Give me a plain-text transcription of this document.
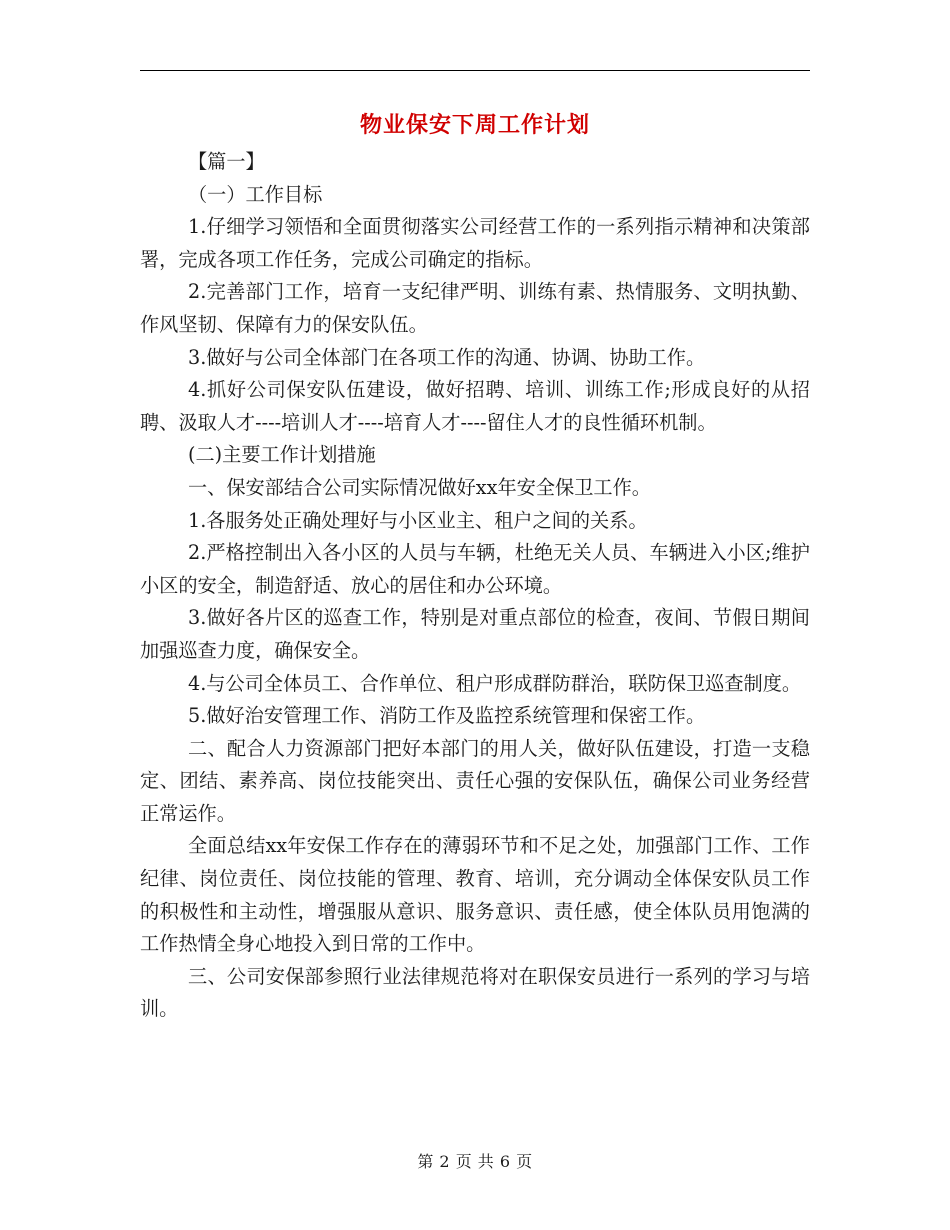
物业保安下周工作计划

【篇一】

（一）工作目标

1.仔细学习领悟和全面贯彻落实公司经营工作的一系列指示精神和决策部署，完成各项工作任务，完成公司确定的指标。

2.完善部门工作，培育一支纪律严明、训练有素、热情服务、文明执勤、作风坚韧、保障有力的保安队伍。

3.做好与公司全体部门在各项工作的沟通、协调、协助工作。

4.抓好公司保安队伍建设，做好招聘、培训、训练工作;形成良好的从招聘、汲取人才----培训人才----培育人才----留住人才的良性循环机制。

(二)主要工作计划措施

一、保安部结合公司实际情况做好xx年安全保卫工作。

1.各服务处正确处理好与小区业主、租户之间的关系。

2.严格控制出入各小区的人员与车辆，杜绝无关人员、车辆进入小区;维护小区的安全，制造舒适、放心的居住和办公环境。

3.做好各片区的巡查工作，特别是对重点部位的检查，夜间、节假日期间加强巡查力度，确保安全。

4.与公司全体员工、合作单位、租户形成群防群治，联防保卫巡查制度。

5.做好治安管理工作、消防工作及监控系统管理和保密工作。

二、配合人力资源部门把好本部门的用人关，做好队伍建设，打造一支稳定、团结、素养高、岗位技能突出、责任心强的安保队伍，确保公司业务经营正常运作。

全面总结xx年安保工作存在的薄弱环节和不足之处，加强部门工作、工作纪律、岗位责任、岗位技能的管理、教育、培训，充分调动全体保安队员工作的积极性和主动性，增强服从意识、服务意识、责任感，使全体队员用饱满的工作热情全身心地投入到日常的工作中。

三、公司安保部参照行业法律规范将对在职保安员进行一系列的学习与培训。

第 2 页 共 6 页
